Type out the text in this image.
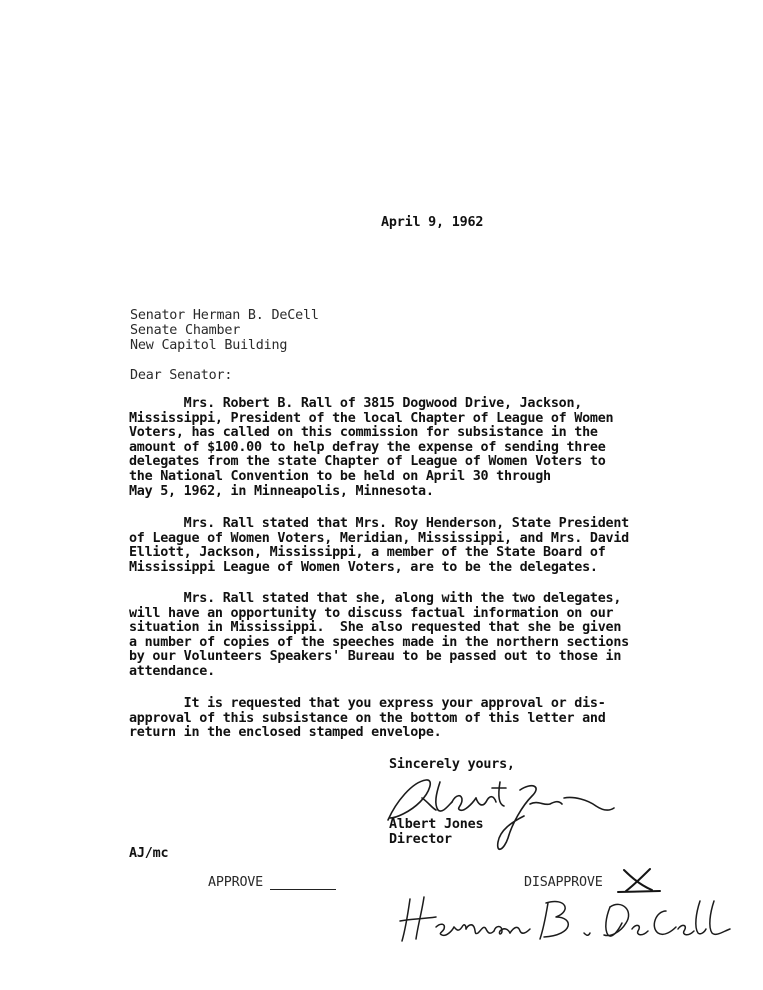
April 9, 1962
Senator Herman B. DeCell
Senate Chamber
New Capitol Building
Dear Senator:
Mrs. Robert B. Rall of 3815 Dogwood Drive, Jackson,
Mississippi, President of the local Chapter of League of Women
Voters, has called on this commission for subsistance in the
amount of $100.00 to help defray the expense of sending three
delegates from the state Chapter of League of Women Voters to
the National Convention to be held on April 30 through
May 5, 1962, in Minneapolis, Minnesota.
Mrs. Rall stated that Mrs. Roy Henderson, State President
of League of Women Voters, Meridian, Mississippi, and Mrs. David
Elliott, Jackson, Mississippi, a member of the State Board of
Mississippi League of Women Voters, are to be the delegates.
Mrs. Rall stated that she, along with the two delegates,
will have an opportunity to discuss factual information on our
situation in Mississippi.  She also requested that she be given
a number of copies of the speeches made in the northern sections
by our Volunteers Speakers' Bureau to be passed out to those in
attendance.
It is requested that you express your approval or dis-
approval of this subsistance on the bottom of this letter and
return in the enclosed stamped envelope.
Sincerely yours,
Albert Jones
Director
AJ/mc
APPROVE	DISAPPROVE
